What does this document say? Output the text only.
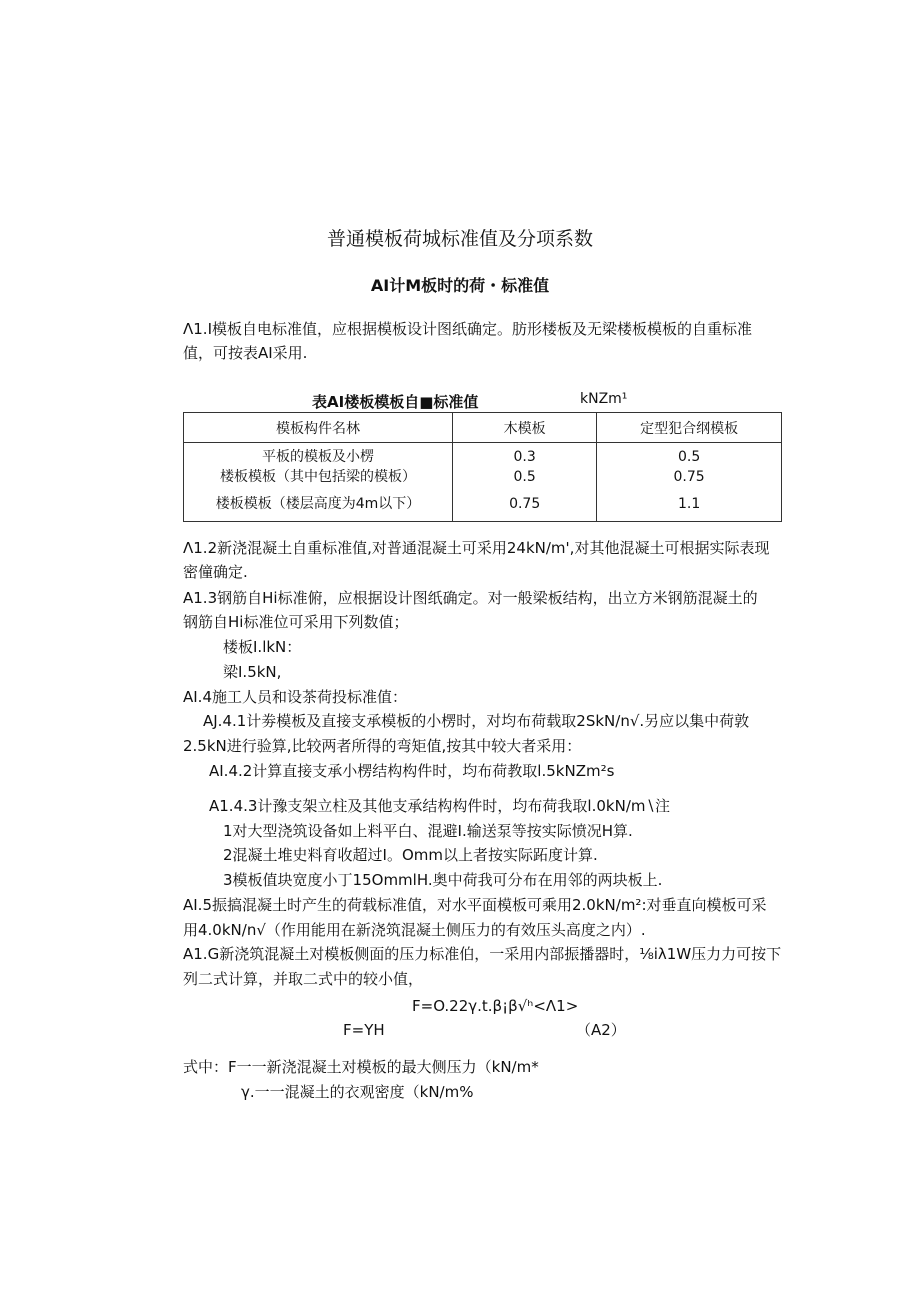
普通模板荷城标准值及分项系数
AI计M板时的荷・标准值
Λ1.I模板自电标准值，应根据模板设计图纸确定。肪形楼板及无梁楼板模板的自重标准
值，可按表AI采用.
表AI楼板模板自■标准值	kNZm¹
模板构件名林	木模板	定型犯合纲模板
平板的模板及小楞	0.3	0.5
楼板模板（其中包括梁的模板）	0.5	0.75
楼板模板（楼层高度为4m以下）	0.75	1.1
Λ1.2新浇混凝土自重标准值,对普通混凝土可采用24kN∕m',对其他混凝土可根据实际表现
密僮确定.
A1.3钢筋自Hi标准俯，应根据设计图纸确定。对一般梁板结构，出立方米钢筋混凝土的
钢筋自Hi标准位可采用下列数值；
楼板I.lkN：
梁I.5kN,
AI.4施工人员和设茶荷投标准值：
AJ.4.1计劵模板及直接支承模板的小楞时，对均布荷载取2SkN∕n√.另应以集中荷敦
2.5kN进行验算,比较两者所得的弯矩值,按其中较大者采用：
AI.4.2计算直接支承小楞结构构件时，均布荷教取l.5kNZm²s
A1.4.3计豫支架立柱及其他支承结构构件时，均布荷我取l.0kN∕m∖注
1对大型浇筑设备如上料平白、混避I.输送泵等按实际愤况H算.
2混凝土堆史料育收超过I。Omm以上者按实际跖度计算.
3模板值块宽度小丁15OmmlH.奥中荷我可分布在用邻的两块板上.
AI.5振搞混凝土时产生的荷载标准值，对水平面模板可乘用2.0kN∕m²:对垂直向模板可采
用4.0kN/n√（作用能用在新浇筑混凝土侧压力的有效压头高度之内）.
A1.G新浇筑混凝土对模板侧面的压力标准伯，一采用内部振播器时，⅛iλ1W压力力可按下
列二式计算，并取二式中的较小值，
F=O.22γ.t.β¡β√ʰ<Λ1>
F=YH	（A2）
式中：F一一新浇混凝土对模板的最大侧压力（kN∕m*
γ.一一混凝土的衣观密度（kN∕m%
